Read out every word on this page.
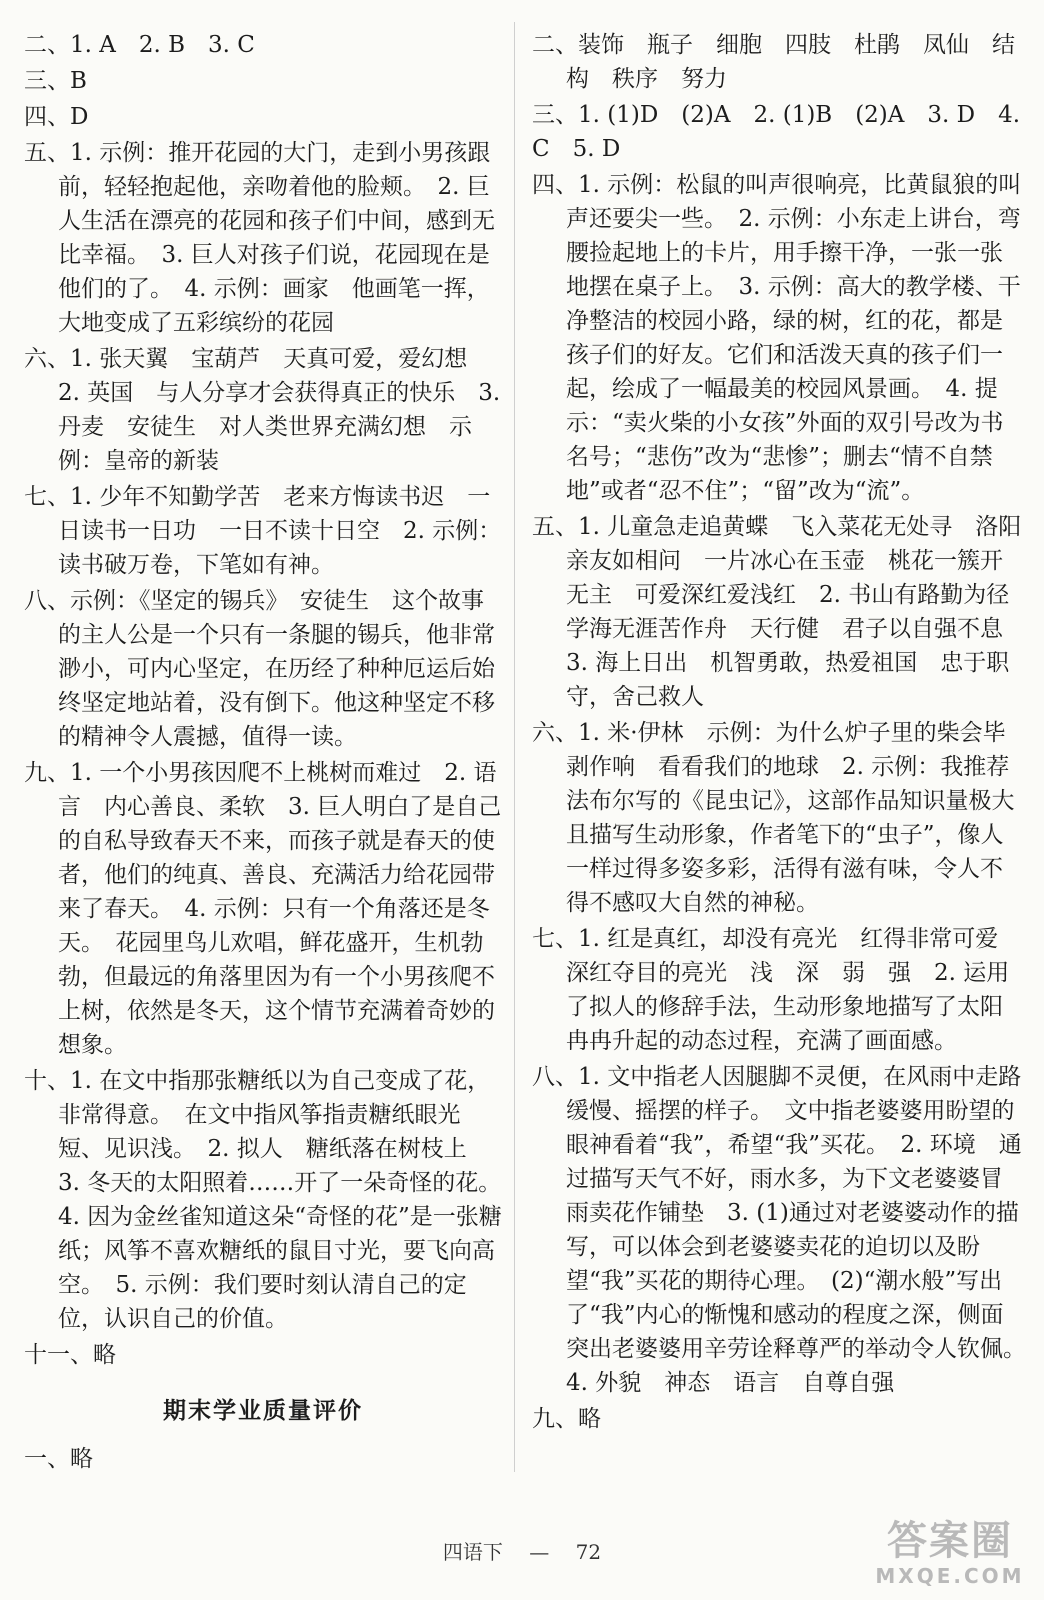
二、1. A　2. B　3. C

三、B

四、D

五、1. 示例：推开花园的大门，走到小男孩跟前，轻轻抱起他，亲吻着他的脸颊。　2. 巨人生活在漂亮的花园和孩子们中间，感到无比幸福。　3. 巨人对孩子们说，花园现在是他们的了。　4. 示例：画家　他画笔一挥，大地变成了五彩缤纷的花园

六、1. 张天翼　宝葫芦　天真可爱，爱幻想　2. 英国　与人分享才会获得真正的快乐　3. 丹麦　安徒生　对人类世界充满幻想　示例：皇帝的新装

七、1. 少年不知勤学苦　老来方悔读书迟　一日读书一日功　一日不读十日空　2. 示例：读书破万卷，下笔如有神。

八、示例：《坚定的锡兵》　安徒生　这个故事的主人公是一个只有一条腿的锡兵，他非常渺小，可内心坚定，在历经了种种厄运后始终坚定地站着，没有倒下。他这种坚定不移的精神令人震撼，值得一读。

九、1. 一个小男孩因爬不上桃树而难过　2. 语言　内心善良、柔软　3. 巨人明白了是自己的自私导致春天不来，而孩子就是春天的使者，他们的纯真、善良、充满活力给花园带来了春天。　4. 示例：只有一个角落还是冬天。　花园里鸟儿欢唱，鲜花盛开，生机勃勃，但最远的角落里因为有一个小男孩爬不上树，依然是冬天，这个情节充满着奇妙的想象。

十、1. 在文中指那张糖纸以为自己变成了花，非常得意。　在文中指风筝指责糖纸眼光短、见识浅。　2. 拟人　糖纸落在树枝上　3. 冬天的太阳照着……开了一朵奇怪的花。　4. 因为金丝雀知道这朵“奇怪的花”是一张糖纸；风筝不喜欢糖纸的鼠目寸光，要飞向高空。　5. 示例：我们要时刻认清自己的定位，认识自己的价值。

十一、略

期末学业质量评价

一、略

二、装饰　瓶子　细胞　四肢　杜鹃　凤仙　结构　秩序　努力

三、1. (1)D　(2)A　2. (1)B　(2)A　3. D　4. C　5. D

四、1. 示例：松鼠的叫声很响亮，比黄鼠狼的叫声还要尖一些。　2. 示例：小东走上讲台，弯腰捡起地上的卡片，用手擦干净，一张一张地摆在桌子上。　3. 示例：高大的教学楼、干净整洁的校园小路，绿的树，红的花，都是孩子们的好友。它们和活泼天真的孩子们一起，绘成了一幅最美的校园风景画。　4. 提示：“卖火柴的小女孩”外面的双引号改为书名号；“悲伤”改为“悲惨”；删去“情不自禁地”或者“忍不住”；“留”改为“流”。

五、1. 儿童急走追黄蝶　飞入菜花无处寻　洛阳亲友如相问　一片冰心在玉壶　桃花一簇开无主　可爱深红爱浅红　2. 书山有路勤为径　学海无涯苦作舟　天行健　君子以自强不息　3. 海上日出　机智勇敢，热爱祖国　忠于职守，舍己救人

六、1. 米·伊林　示例：为什么炉子里的柴会毕剥作响　看看我们的地球　2. 示例：我推荐法布尔写的《昆虫记》，这部作品知识量极大且描写生动形象，作者笔下的“虫子”，像人一样过得多姿多彩，活得有滋有味，令人不得不感叹大自然的神秘。

七、1. 红是真红，却没有亮光　红得非常可爱　深红夺目的亮光　浅　深　弱　强　2. 运用了拟人的修辞手法，生动形象地描写了太阳冉冉升起的动态过程，充满了画面感。

八、1. 文中指老人因腿脚不灵便，在风雨中走路缓慢、摇摆的样子。　文中指老婆婆用盼望的眼神看着“我”，希望“我”买花。　2. 环境　通过描写天气不好，雨水多，为下文老婆婆冒雨卖花作铺垫　3. (1)通过对老婆婆动作的描写，可以体会到老婆婆卖花的迫切以及盼望“我”买花的期待心理。　(2)“潮水般”写出了“我”内心的惭愧和感动的程度之深，侧面突出老婆婆用辛劳诠释尊严的举动令人钦佩。　4. 外貌　神态　语言　自尊自强

九、略

四语下 — 72	答案圈
MXQE.COM
